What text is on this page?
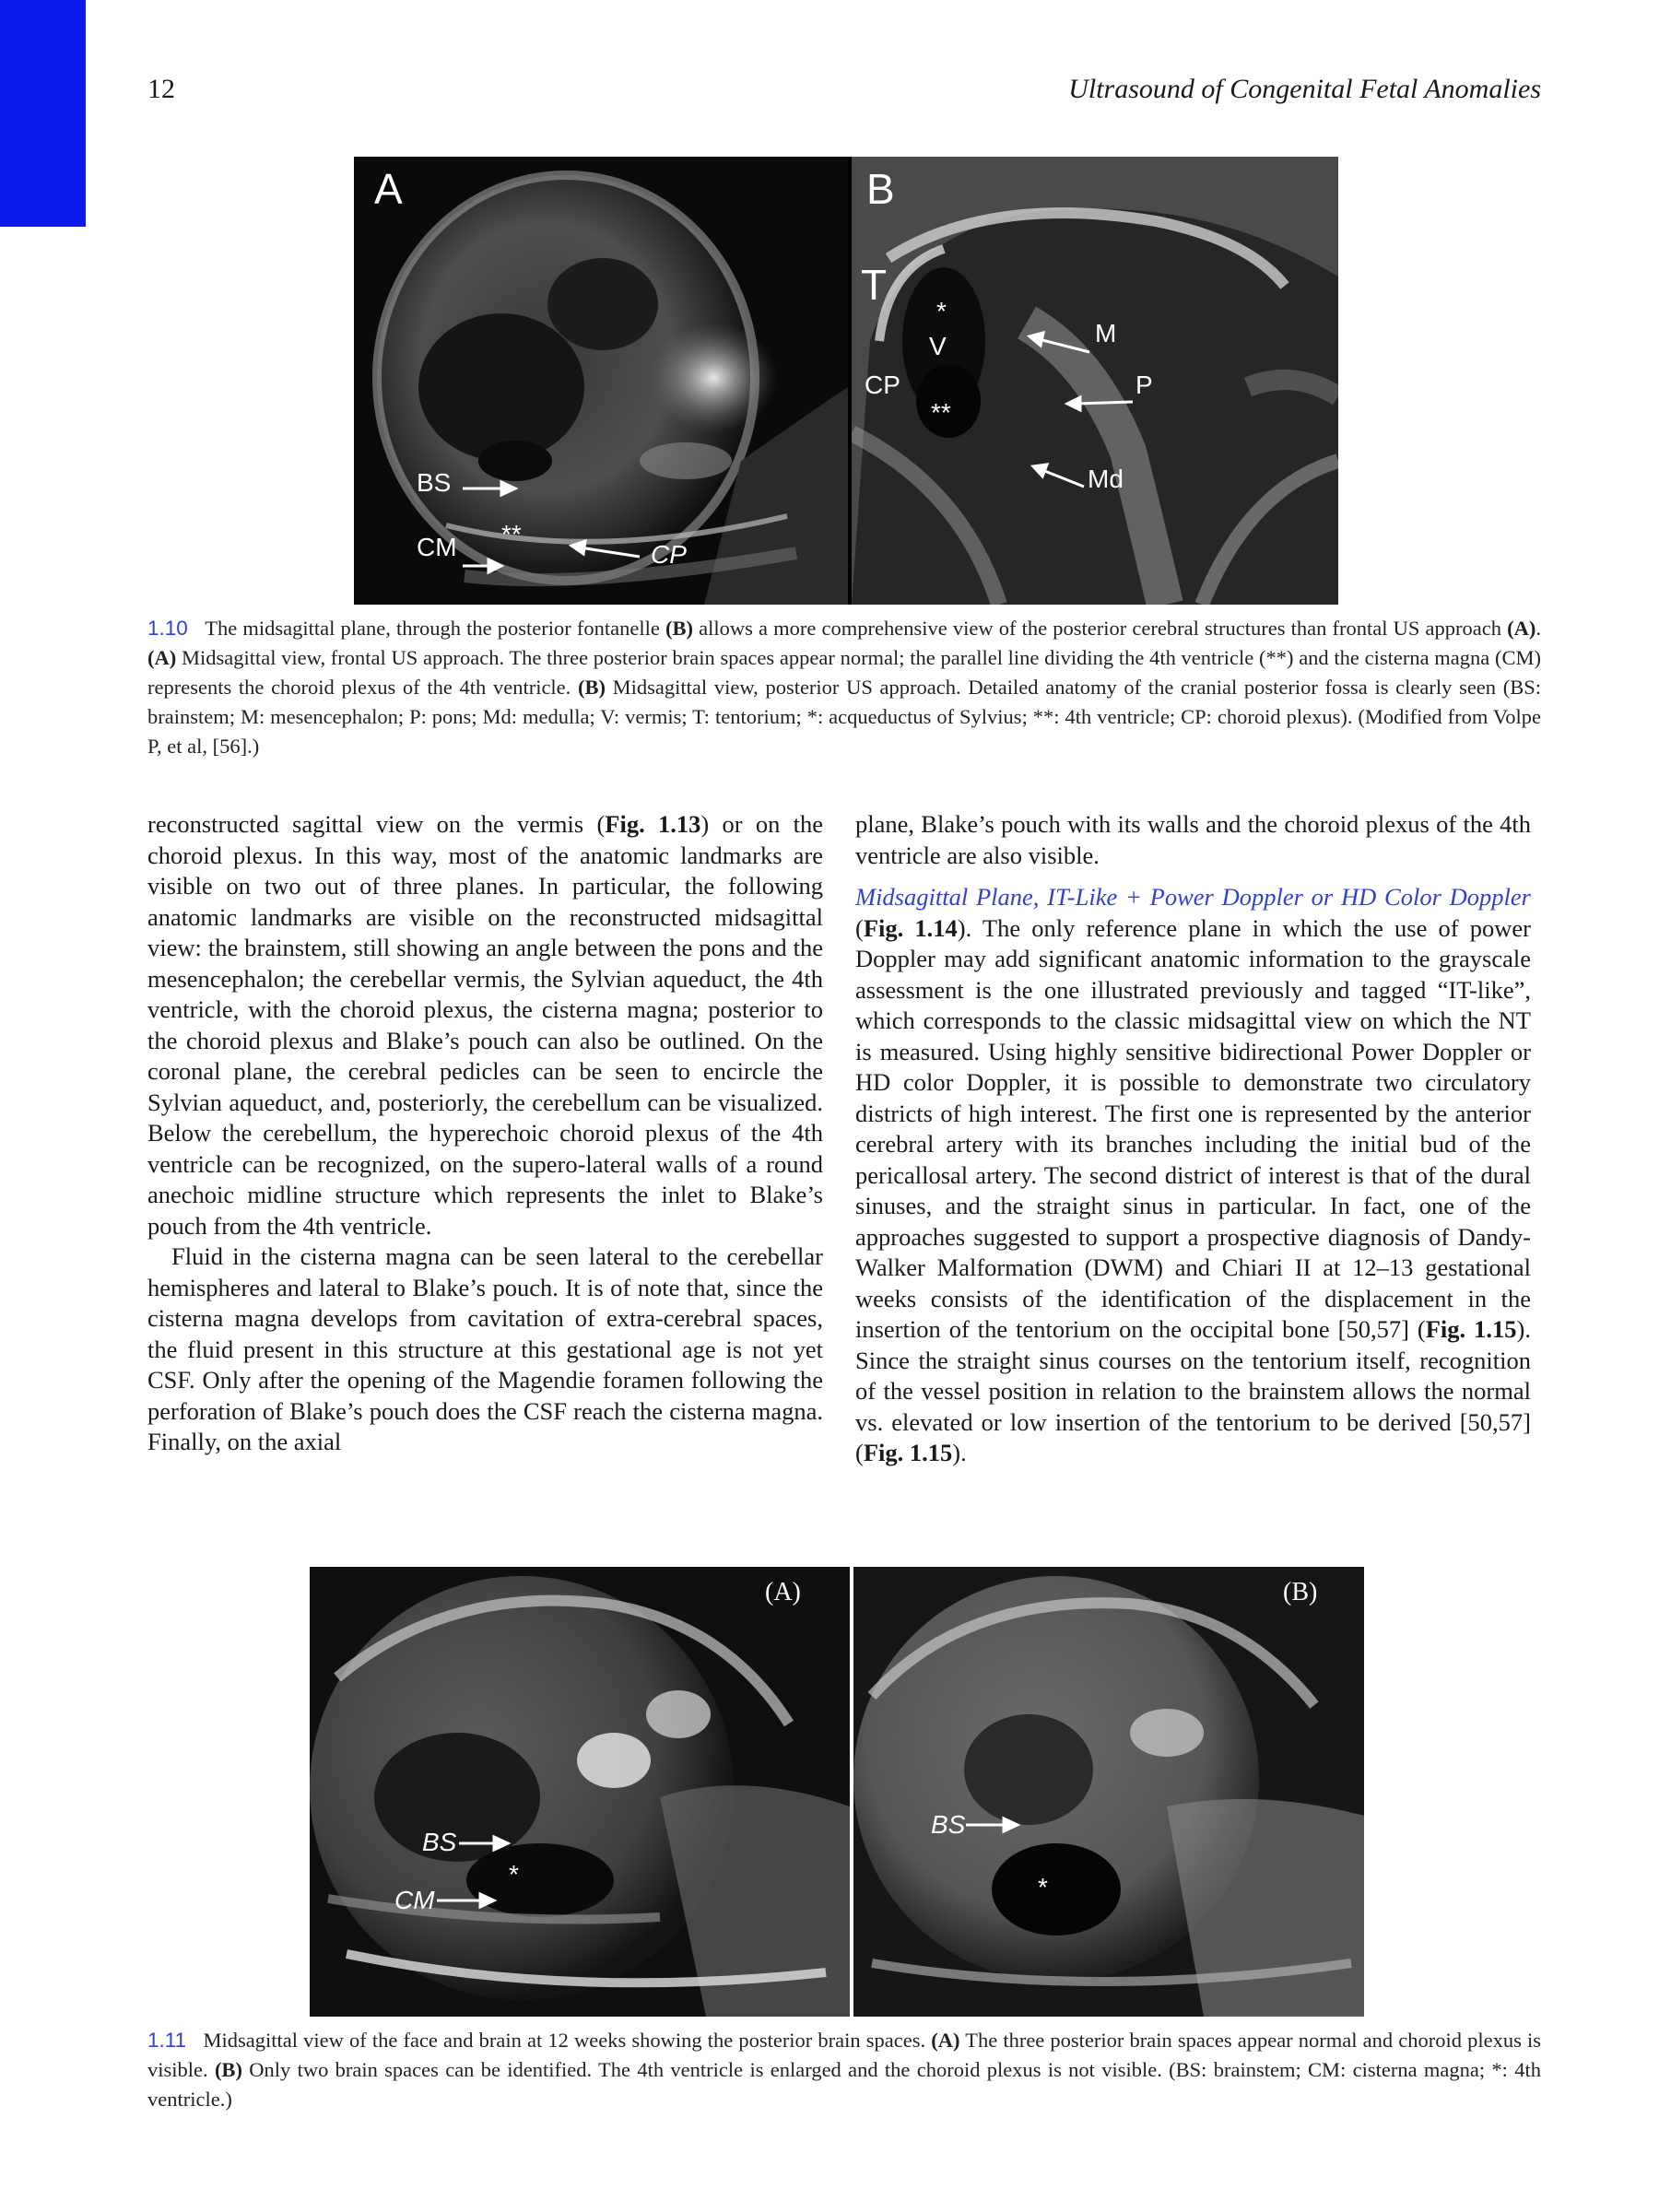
12	Ultrasound of Congenital Fetal Anomalies
A
BS
CM **
CP
B
T
*
V
CP
**
M
P
Md
1.10 The midsagittal plane, through the posterior fontanelle (B) allows a more comprehensive view of the posterior cerebral structures than frontal US approach (A). (A) Midsagittal view, frontal US approach. The three posterior brain spaces appear normal; the parallel line dividing the 4th ventricle (**) and the cisterna magna (CM) represents the choroid plexus of the 4th ventricle. (B) Midsagittal view, posterior US approach. Detailed anatomy of the cranial posterior fossa is clearly seen (BS: brainstem; M: mesencephalon; P: pons; Md: medulla; V: vermis; T: tentorium; *: acqueductus of Sylvius; **: 4th ventricle; CP: choroid plexus). (Modified from Volpe P, et al, [56].)

reconstructed sagittal view on the vermis (Fig. 1.13) or on the choroid plexus. In this way, most of the anatomic landmarks are visible on two out of three planes. In particular, the following anatomic landmarks are visible on the reconstructed midsagittal view: the brainstem, still showing an angle between the pons and the mesencephalon; the cerebellar vermis, the Sylvian aqueduct, the 4th ventricle, with the choroid plexus, the cisterna magna; posterior to the choroid plexus and Blake’s pouch can also be outlined. On the coronal plane, the cerebral pedicles can be seen to encircle the Sylvian aqueduct, and, posteriorly, the cerebellum can be visualized. Below the cerebellum, the hyperechoic choroid plexus of the 4th ventricle can be recognized, on the supero-lateral walls of a round anechoic midline structure which represents the inlet to Blake’s pouch from the 4th ventricle.

Fluid in the cisterna magna can be seen lateral to the cerebellar hemispheres and lateral to Blake’s pouch. It is of note that, since the cisterna magna develops from cavitation of extra-cerebral spaces, the fluid present in this structure at this gestational age is not yet CSF. Only after the opening of the Magendie foramen following the perforation of Blake’s pouch does the CSF reach the cisterna magna. Finally, on the axial

plane, Blake’s pouch with its walls and the choroid plexus of the 4th ventricle are also visible.

Midsagittal Plane, IT-Like + Power Doppler or HD Color Doppler (Fig. 1.14). The only reference plane in which the use of power Doppler may add significant anatomic information to the grayscale assessment is the one illustrated previously and tagged “IT-like”, which corresponds to the classic midsagittal view on which the NT is measured. Using highly sensitive bidirectional Power Doppler or HD color Doppler, it is possible to demonstrate two circulatory districts of high interest. The first one is represented by the anterior cerebral artery with its branches including the initial bud of the pericallosal artery. The second district of interest is that of the dural sinuses, and the straight sinus in particular. In fact, one of the approaches suggested to support a prospective diagnosis of Dandy-Walker Malformation (DWM) and Chiari II at 12–13 gestational weeks consists of the identification of the displacement in the insertion of the tentorium on the occipital bone [50,57] (Fig. 1.15). Since the straight sinus courses on the tentorium itself, recognition of the vessel position in relation to the brainstem allows the normal vs. elevated or low insertion of the tentorium to be derived [50,57] (Fig. 1.15).

(A)
BS
CM
*
(B)
BS
*
1.11 Midsagittal view of the face and brain at 12 weeks showing the posterior brain spaces. (A) The three posterior brain spaces appear normal and choroid plexus is visible. (B) Only two brain spaces can be identified. The 4th ventricle is enlarged and the choroid plexus is not visible. (BS: brainstem; CM: cisterna magna; *: 4th ventricle.)
